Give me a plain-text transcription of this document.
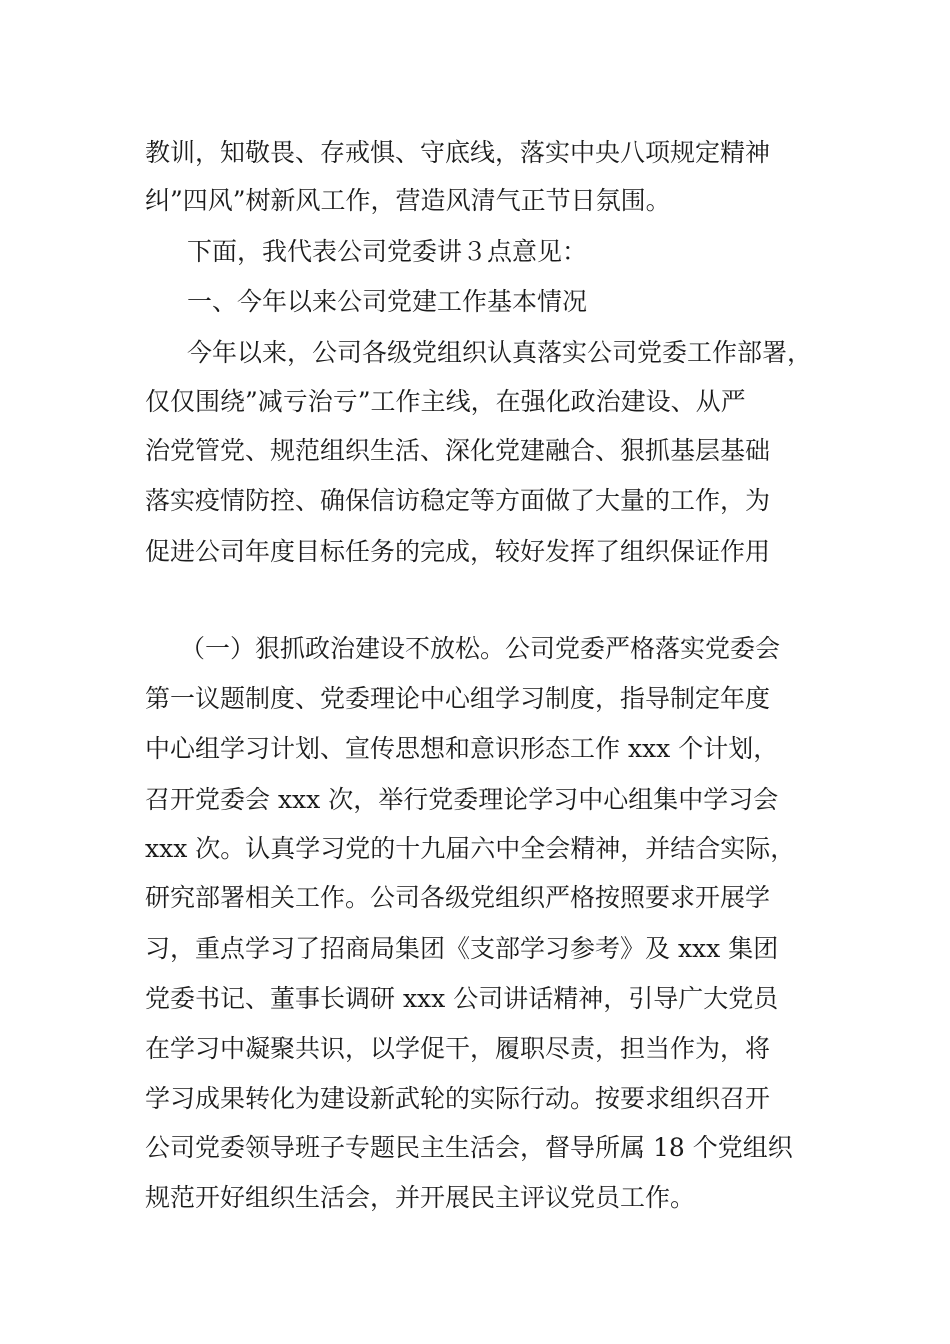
教训，知敬畏、存戒惧、守底线，落实中央八项规定精神
纠”四风”树新风工作，营造风清气正节日氛围。
下面，我代表公司党委讲３点意见：
一、今年以来公司党建工作基本情况
今年以来，公司各级党组织认真落实公司党委工作部署，
仅仅围绕”减亏治亏”工作主线，在强化政治建设、从严
治党管党、规范组织生活、深化党建融合、狠抓基层基础
落实疫情防控、确保信访稳定等方面做了大量的工作，为
促进公司年度目标任务的完成，较好发挥了组织保证作用
（一）狠抓政治建设不放松。公司党委严格落实党委会
第一议题制度、党委理论中心组学习制度，指导制定年度
中心组学习计划、宣传思想和意识形态工作 xxx 个计划，
召开党委会 xxx 次，举行党委理论学习中心组集中学习会
xxx 次。认真学习党的十九届六中全会精神，并结合实际，
研究部署相关工作。公司各级党组织严格按照要求开展学
习，重点学习了招商局集团《支部学习参考》及 xxx 集团
党委书记、董事长调研 xxx 公司讲话精神，引导广大党员
在学习中凝聚共识，以学促干，履职尽责，担当作为，将
学习成果转化为建设新武轮的实际行动。按要求组织召开
公司党委领导班子专题民主生活会，督导所属 18 个党组织
规范开好组织生活会，并开展民主评议党员工作。
